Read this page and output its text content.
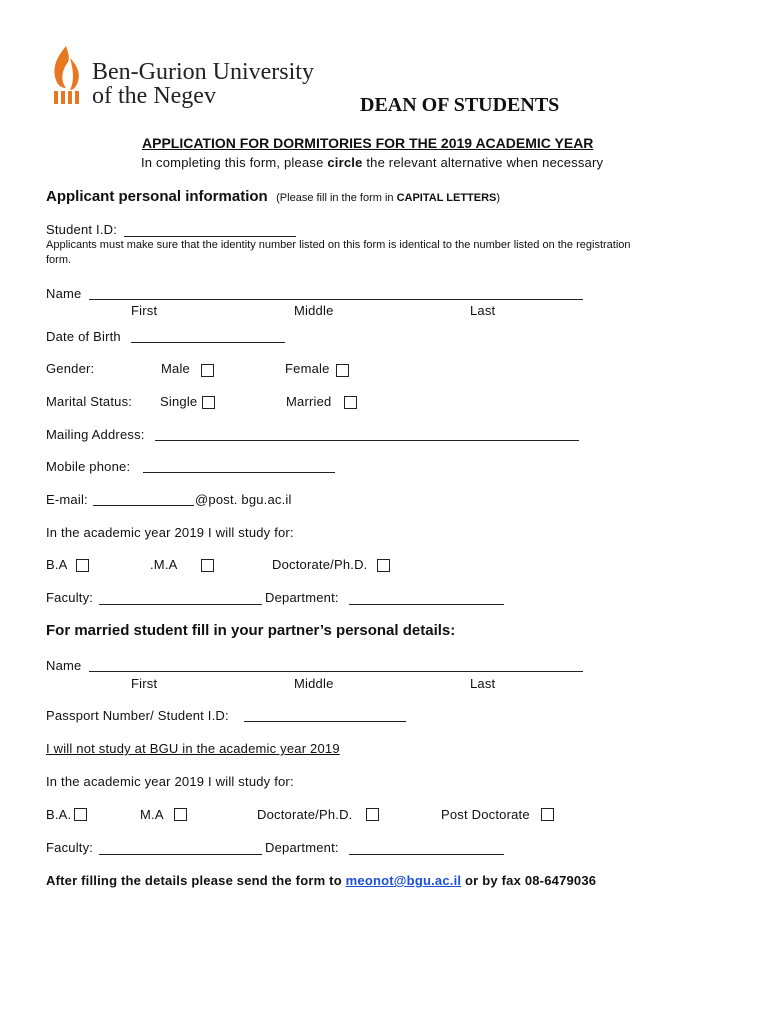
Ben-Gurion University
of the Negev	DEAN OF STUDENTS
APPLICATION FOR DORMITORIES FOR THE 2019 ACADEMIC YEAR
In completing this form, please circle the relevant alternative when necessary
Applicant personal information (Please fill in the form in CAPITAL LETTERS)
Student I.D:
Applicants must make sure that the identity number listed on this form is identical to the number listed on the registration
form.
Name
First	Middle	Last
Date of Birth
Gender:	Male	Female
Marital Status: Single	Married
Mailing Address:
Mobile phone:
E-mail:	@post. bgu.ac.il
In the academic year 2019 I will study for:
B.A	.M.A	Doctorate/Ph.D.
Faculty:	Department:
For married student fill in your partner’s personal details:
Name
First	Middle	Last
Passport Number/ Student I.D:
I will not study at BGU in the academic year 2019
In the academic year 2019 I will study for:
B.A.	M.A	Doctorate/Ph.D.	Post Doctorate
Faculty:	Department:
After filling the details please send the form to meonot@bgu.ac.il or by fax 08-6479036
